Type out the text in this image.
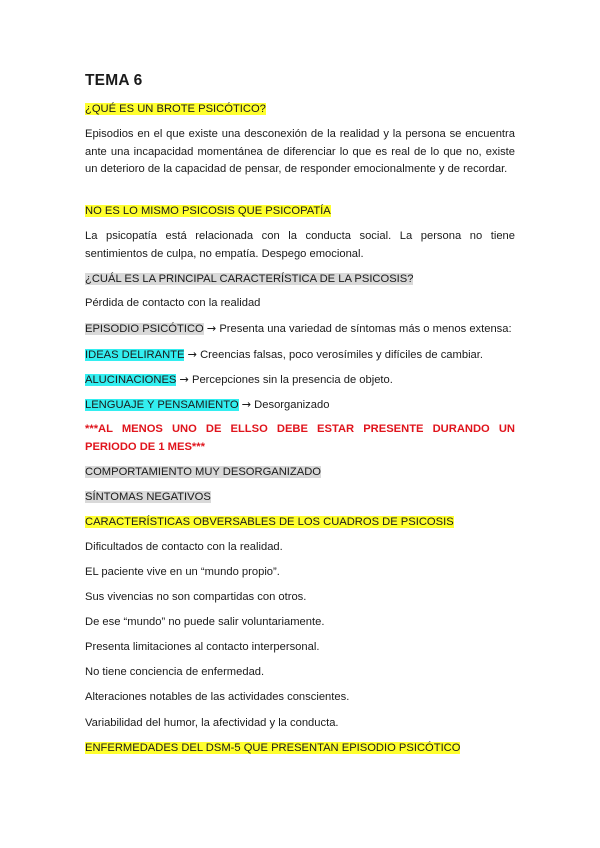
TEMA 6
¿QUÉ ES UN BROTE PSICÓTICO?
Episodios en el que existe una desconexión de la realidad y la persona se encuentra ante una incapacidad momentánea de diferenciar lo que es real de lo que no, existe un deterioro de la capacidad de pensar, de responder emocionalmente y de recordar.
NO ES LO MISMO PSICOSIS QUE PSICOPATÍA
La psicopatía está relacionada con la conducta social. La persona no tiene sentimientos de culpa, no empatía. Despego emocional.
¿CUÁL ES LA PRINCIPAL CARACTERÍSTICA DE LA PSICOSIS?
Pérdida de contacto con la realidad
EPISODIO PSICÓTICO → Presenta una variedad de síntomas más o menos extensa:
IDEAS DELIRANTE → Creencias falsas, poco verosímiles y difíciles de cambiar.
ALUCINACIONES → Percepciones sin la presencia de objeto.
LENGUAJE Y PENSAMIENTO → Desorganizado
***AL MENOS UNO DE ELLSO DEBE ESTAR PRESENTE DURANDO UN PERIODO DE 1 MES***
COMPORTAMIENTO MUY DESORGANIZADO
SÍNTOMAS NEGATIVOS
CARACTERÍSTICAS OBVERSABLES DE LOS CUADROS DE PSICOSIS
Dificultados de contacto con la realidad.
EL paciente vive en un “mundo propio”.
Sus vivencias no son compartidas con otros.
De ese “mundo” no puede salir voluntariamente.
Presenta limitaciones al contacto interpersonal.
No tiene conciencia de enfermedad.
Alteraciones notables de las actividades conscientes.
Variabilidad del humor, la afectividad y la conducta.
ENFERMEDADES DEL DSM-5 QUE PRESENTAN EPISODIO PSICÓTICO
